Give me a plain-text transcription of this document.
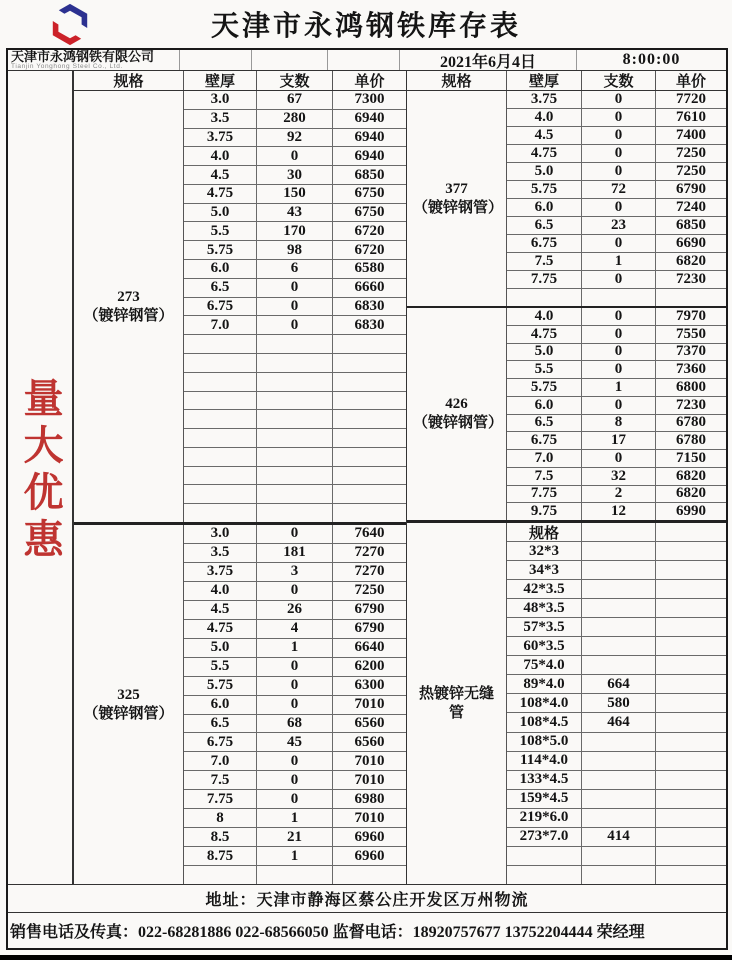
天津市永鸿钢铁库存表
天津市永鸿钢铁有限公司
Tianjin Yonghong Steel Co., Ltd.	2021年6月4日	8:00:00
量大优惠
规格	壁厚	支数	单价
273
（镀锌钢管）
3.0	67	7300
3.5	280	6940
3.75	92	6940
4.0	0	6940
4.5	30	6850
4.75	150	6750
5.0	43	6750
5.5	170	6720
5.75	98	6720
6.0	6	6580
6.5	0	6660
6.75	0	6830
7.0	0	6830
325
（镀锌钢管）
3.0	0	7640
3.5	181	7270
3.75	3	7270
4.0	0	7250
4.5	26	6790
4.75	4	6790
5.0	1	6640
5.5	0	6200
5.75	0	6300
6.0	0	7010
6.5	68	6560
6.75	45	6560
7.0	0	7010
7.5	0	7010
7.75	0	6980
8	1	7010
8.5	21	6960
8.75	1	6960
规格	壁厚	支数	单价
377
（镀锌钢管）
3.75	0	7720
4.0	0	7610
4.5	0	7400
4.75	0	7250
5.0	0	7250
5.75	72	6790
6.0	0	7240
6.5	23	6850
6.75	0	6690
7.5	1	6820
7.75	0	7230
426
（镀锌钢管）
4.0	0	7970
4.75	0	7550
5.0	0	7370
5.5	0	7360
5.75	1	6800
6.0	0	7230
6.5	8	6780
6.75	17	6780
7.0	0	7150
7.5	32	6820
7.75	2	6820
9.75	12	6990
热镀锌无缝管
规格
32*3
34*3
42*3.5
48*3.5
57*3.5
60*3.5
75*4.0
89*4.0	664
108*4.0	580
108*4.5	464
108*5.0
114*4.0
133*4.5
159*4.5
219*6.0
273*7.0	414
地址：天津市静海区蔡公庄开发区万州物流
销售电话及传真：022-68281886 022-68566050 监督电话：18920757677 13752204444 荣经理
